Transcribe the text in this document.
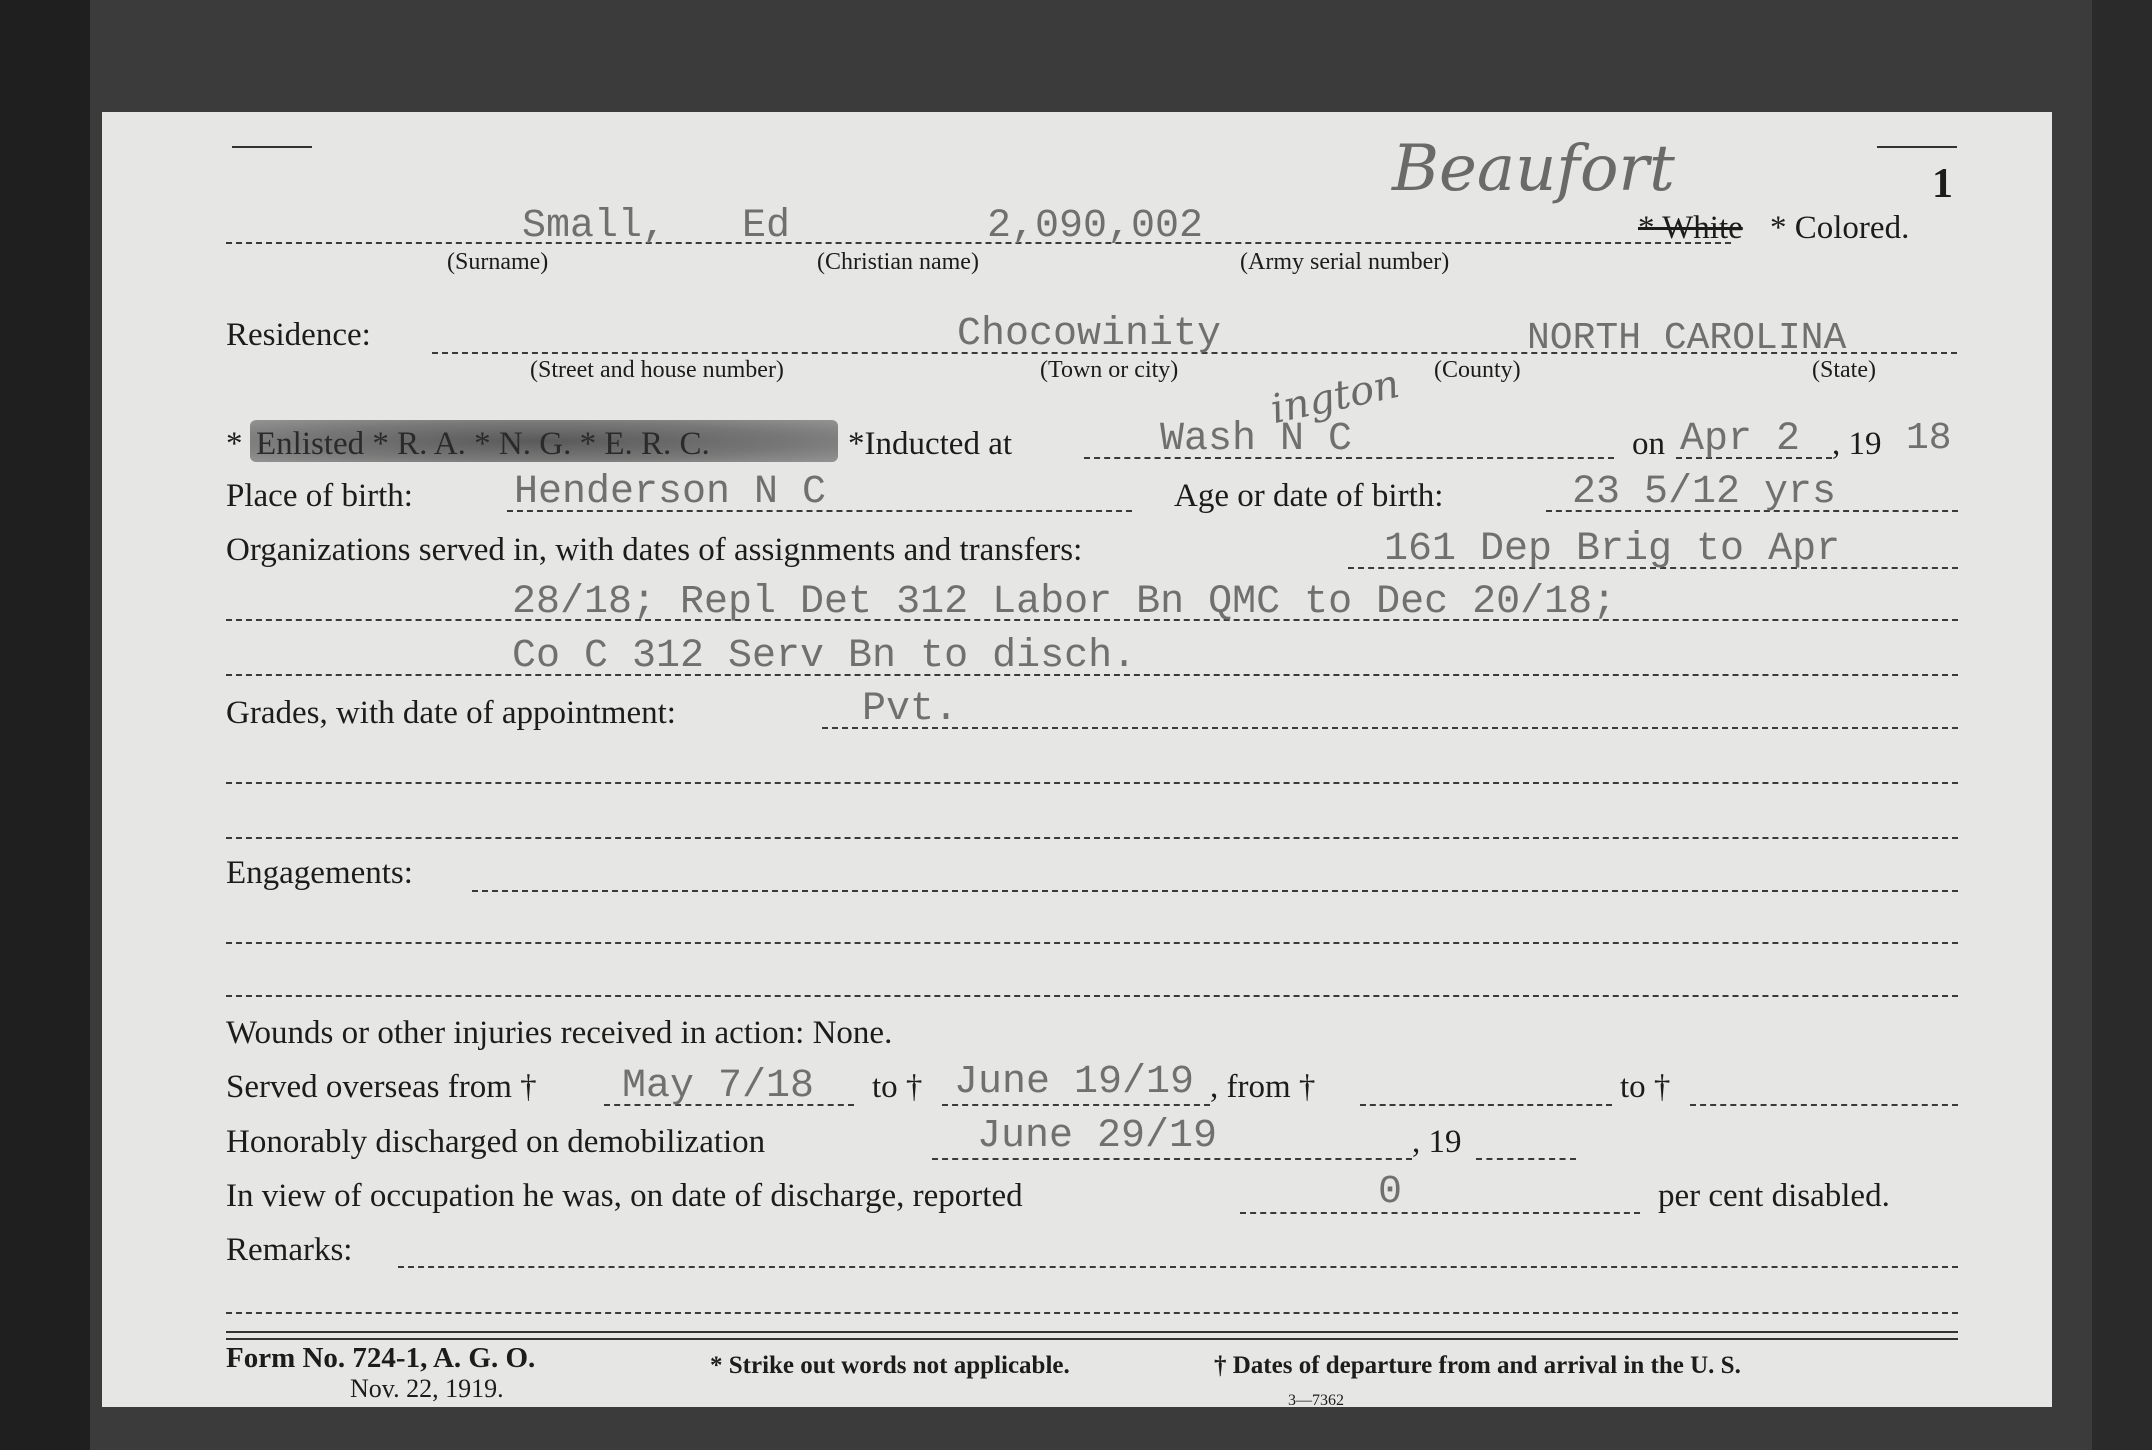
1
Beaufort
Small, Ed	2,090,002	* White * Colored.
(Surname)	(Christian name)	(Army serial number)
Residence:	Chocowinity	NORTH CAROLINA
(Street and house number)	(Town or city)	(County)	(State)
* Enlisted * R. A. * N. G. * E. R. C.	*Inducted at	Wash N C
ington
on Apr 2 , 19 18
Place of birth:	Henderson N C	Age or date of birth:	23 5/12 yrs
Organizations served in, with dates of assignments and transfers:	161 Dep Brig to Apr
28/18; Repl Det 312 Labor Bn QMC to Dec 20/18;
Co C 312 Serv Bn to disch.
Grades, with date of appointment:	Pvt.
Engagements:
Wounds or other injuries received in action: None.
Served overseas from † May 7/18 to † June 19/19 , from †	to †
Honorably discharged on demobilization	June 29/19	, 19
In view of occupation he was, on date of discharge, reported	0	per cent disabled.
Remarks:
Form No. 724-1, A. G. O.
Nov. 22, 1919.
* Strike out words not applicable.	† Dates of departure from and arrival in the U. S.
3—7362
